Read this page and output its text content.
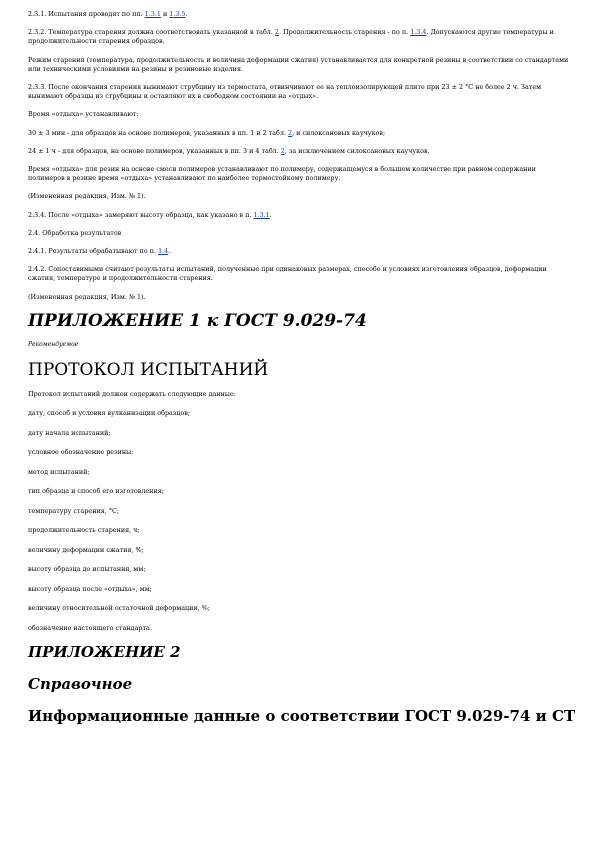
2.3.1. Испытания проводят по пп. 1.3.1 и 1.3.5.

2.3.2. Температура старения должна соответствовать указанной в табл. 2. Продолжительность старения - по п. 1.3.4. Допускаются другие температуры и продолжительности старения образцов.

Режим старения (температура, продолжительность и величина деформации сжатия) устанавливается для конкретной резины в соответствии со стандартами или техническими условиями на резины и резиновые изделия.

2.3.3. После окончания старения вынимают струбцину из термостата, отвинчивают ее на теплоизолирующей плите при 23 ± 2 °C не более 2 ч. Затем вынимают образцы из струбцины и оставляют их в свободном состоянии на «отдых».

Время «отдыха» устанавливают:

30 ± 3 мин - для образцов на основе полимеров, указанных в пп. 1 и 2 табл. 2, и силоксановых каучуков;

24 ± 1 ч - для образцов, на основе полимеров, указанных в пп. 3 и 4 табл. 2, за исключением силоксановых каучуков.

Время «отдыха» для резин на основе смеси полимеров устанавливают по полимеру, содержащемуся в большем количестве при равном содержании полимеров в резине время «отдыха» устанавливают по наиболее термостойкому полимеру.

(Измененная редакция, Изм. № 1).

2.3.4. После «отдыха» замеряют высоту образца, как указано в п. 1.3.1.

2.4. Обработка результатов

2.4.1. Результаты обрабатывают по п. 1.4.

2.4.2. Сопоставимыми считают результаты испытаний, полученные при одинаковых размерах, способе и условиях изготовления образцов, деформации сжатия, температуре и продолжительности старения.

(Измененная редакция, Изм. № 1).

ПРИЛОЖЕНИЕ 1 к ГОСТ 9.029-74
Рекомендуемое
ПРОТОКОЛ ИСПЫТАНИЙ

Протокол испытаний должен содержать следующие данные:

дату, способ и условия вулканизации образцов;

дату начала испытаний;

условное обозначение резины;

метод испытаний;

тип образца и способ его изготовления;

температуру старения, °C;

продолжительность старения, ч;

величину деформации сжатия, %;

высоту образца до испытания, мм;

высоту образца после «отдыха», мм;

величину относительной остаточной деформации, %;

обозначение настоящего стандарта.

ПРИЛОЖЕНИЕ 2
Справочное
Информационные данные о соответствии ГОСТ 9.029-74 и СТ
